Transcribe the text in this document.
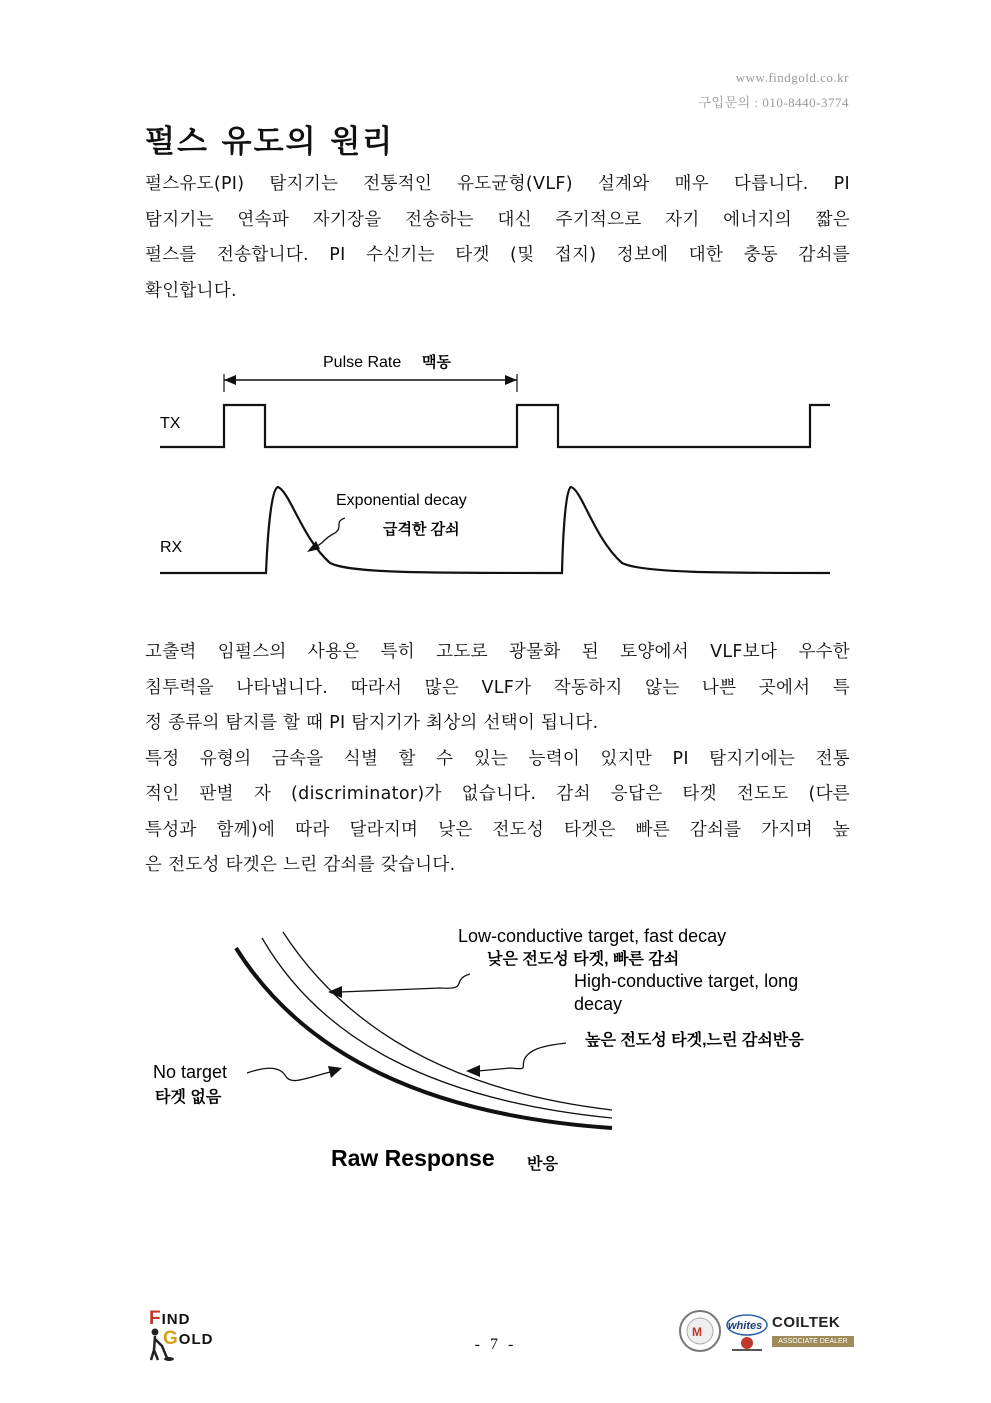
www.findgold.co.kr
구입문의 : 010-8440-3774
펄스 유도의 원리
펄스유도(PI) 탐지기는 전통적인 유도균형(VLF) 설계와 매우 다릅니다. PI
탐지기는 연속파 자기장을 전송하는 대신 주기적으로 자기 에너지의 짧은
펄스를 전송합니다. PI 수신기는 타겟 (및 접지) 정보에 대한 충동 감쇠를
확인합니다.
Pulse Rate 맥동
TX
Exponential decay
급격한 감쇠
RX
고출력 임펄스의 사용은 특히 고도로 광물화 된 토양에서 VLF보다 우수한
침투력을 나타냅니다. 따라서 많은 VLF가 작동하지 않는 나쁜 곳에서 특
정 종류의 탐지를 할 때 PI 탐지기가 최상의 선택이 됩니다.
특정 유형의 금속을 식별 할 수 있는 능력이 있지만 PI 탐지기에는 전통
적인 판별 자 (discriminator)가 없습니다. 감쇠 응답은 타겟 전도도 (다른
특성과 함께)에 따라 달라지며 낮은 전도성 타겟은 빠른 감쇠를 가지며 높
은 전도성 타겟은 느린 감쇠를 갖습니다.
Low-conductive target, fast decay
낮은 전도성 타겟, 빠른 감쇠
High-conductive target, long
decay
높은 전도성 타겟,느린 감쇠반응
No target
타겟 없음
Raw Response 반응
FIND
GOLD	- 7 -
M whites COILTEK
ASSOCIATE DEALER
